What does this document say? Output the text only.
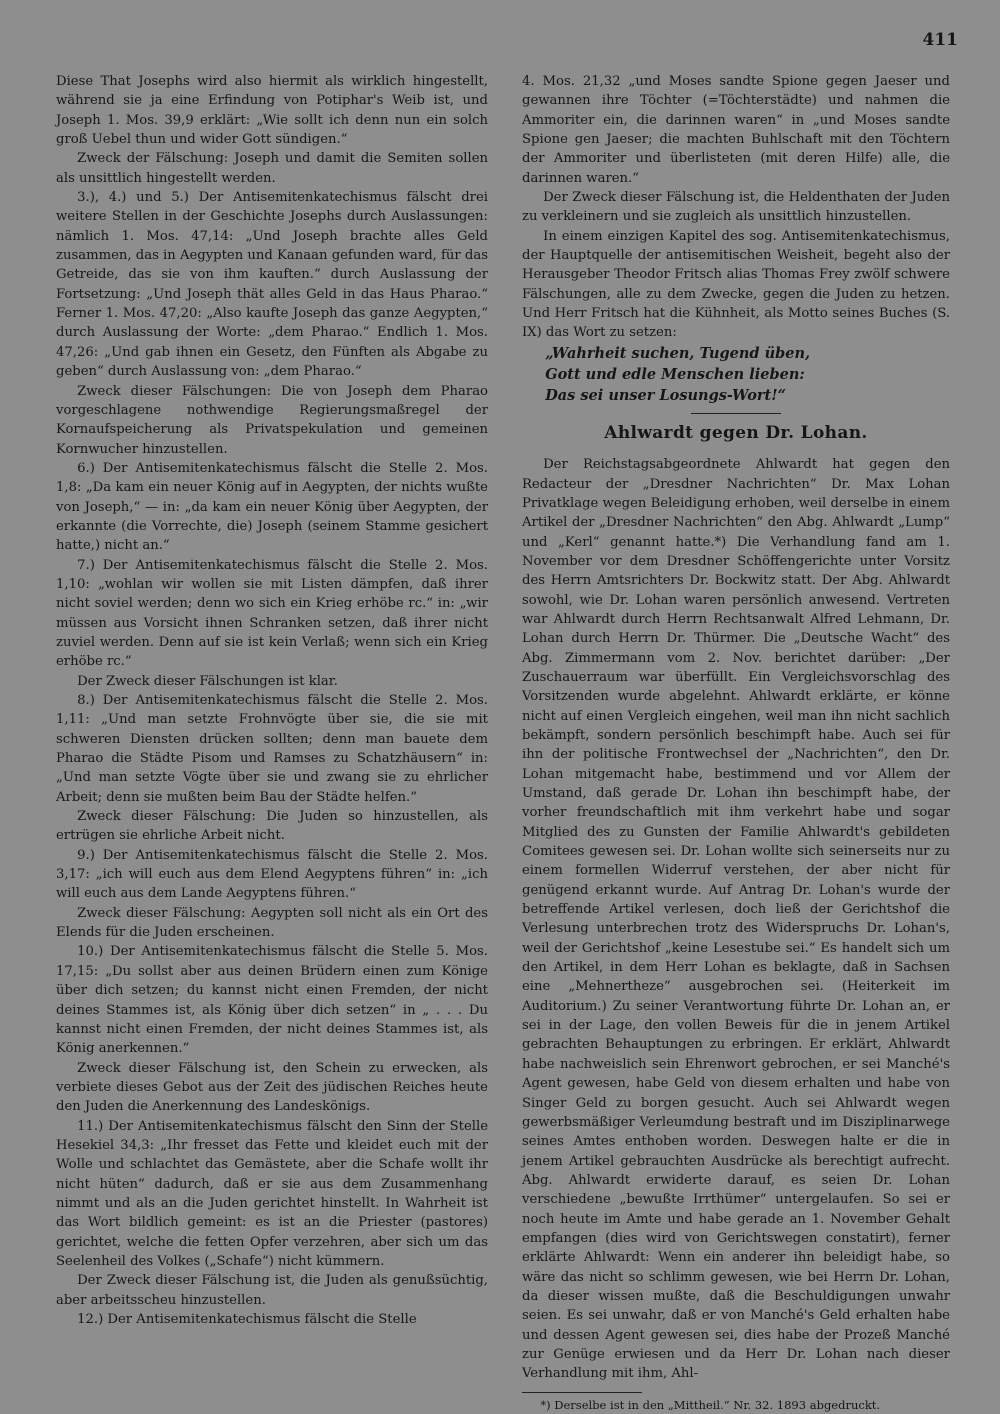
411

Diese That Josephs wird also hiermit als wirklich hingestellt, während sie ja eine Erfindung von Potiphar's Weib ist, und Joseph 1. Mos. 39,9 erklärt: „Wie sollt ich denn nun ein solch groß Uebel thun und wider Gott sündigen.“

Zweck der Fälschung: Joseph und damit die Semiten sollen als unsittlich hingestellt werden.

3.), 4.) und 5.) Der Antisemitenkatechismus fälscht drei weitere Stellen in der Geschichte Josephs durch Auslassungen: nämlich 1. Mos. 47,14: „Und Joseph brachte alles Geld zusammen, das in Aegypten und Kanaan gefunden ward, für das Getreide, das sie von ihm kauften.“ durch Auslassung der Fortsetzung: „Und Joseph thät alles Geld in das Haus Pharao.“ Ferner 1. Mos. 47,20: „Also kaufte Joseph das ganze Aegypten,“ durch Auslassung der Worte: „dem Pharao.“ Endlich 1. Mos. 47,26: „Und gab ihnen ein Gesetz, den Fünften als Abgabe zu geben“ durch Auslassung von: „dem Pharao.“

Zweck dieser Fälschungen: Die von Joseph dem Pharao vorgeschlagene nothwendige Regierungsmaßregel der Kornaufspeicherung als Privatspekulation und gemeinen Kornwucher hinzustellen.

6.) Der Antisemitenkatechismus fälscht die Stelle 2. Mos. 1,8: „Da kam ein neuer König auf in Aegypten, der nichts wußte von Joseph,“ — in: „da kam ein neuer König über Aegypten, der erkannte (die Vorrechte, die) Joseph (seinem Stamme gesichert hatte,) nicht an.“

7.) Der Antisemitenkatechismus fälscht die Stelle 2. Mos. 1,10: „wohlan wir wollen sie mit Listen dämpfen, daß ihrer nicht soviel werden; denn wo sich ein Krieg erhöbe rc.“ in: „wir müssen aus Vorsicht ihnen Schranken setzen, daß ihrer nicht zuviel werden. Denn auf sie ist kein Verlaß; wenn sich ein Krieg erhöbe rc.“

Der Zweck dieser Fälschungen ist klar.

8.) Der Antisemitenkatechismus fälscht die Stelle 2. Mos. 1,11: „Und man setzte Frohnvögte über sie, die sie mit schweren Diensten drücken sollten; denn man bauete dem Pharao die Städte Pisom und Ramses zu Schatzhäusern“ in: „Und man setzte Vögte über sie und zwang sie zu ehrlicher Arbeit; denn sie mußten beim Bau der Städte helfen.“

Zweck dieser Fälschung: Die Juden so hinzustellen, als ertrügen sie ehrliche Arbeit nicht.

9.) Der Antisemitenkatechismus fälscht die Stelle 2. Mos. 3,17: „ich will euch aus dem Elend Aegyptens führen“ in: „ich will euch aus dem Lande Aegyptens führen.“

Zweck dieser Fälschung: Aegypten soll nicht als ein Ort des Elends für die Juden erscheinen.

10.) Der Antisemitenkatechismus fälscht die Stelle 5. Mos. 17,15: „Du sollst aber aus deinen Brüdern einen zum Könige über dich setzen; du kannst nicht einen Fremden, der nicht deines Stammes ist, als König über dich setzen“ in „ . . . Du kannst nicht einen Fremden, der nicht deines Stammes ist, als König anerkennen.“

Zweck dieser Fälschung ist, den Schein zu erwecken, als verbiete dieses Gebot aus der Zeit des jüdischen Reiches heute den Juden die Anerkennung des Landeskönigs.

11.) Der Antisemitenkatechismus fälscht den Sinn der Stelle Hesekiel 34,3: „Ihr fresset das Fette und kleidet euch mit der Wolle und schlachtet das Gemästete, aber die Schafe wollt ihr nicht hüten“ dadurch, daß er sie aus dem Zusammenhang nimmt und als an die Juden gerichtet hinstellt. In Wahrheit ist das Wort bildlich gemeint: es ist an die Priester (pastores) gerichtet, welche die fetten Opfer verzehren, aber sich um das Seelenheil des Volkes („Schafe“) nicht kümmern.

Der Zweck dieser Fälschung ist, die Juden als genußsüchtig, aber arbeitsscheu hinzustellen.

12.) Der Antisemitenkatechismus fälscht die Stelle

4. Mos. 21,32 „und Moses sandte Spione gegen Jaeser und gewannen ihre Töchter (=Töchterstädte) und nahmen die Ammoriter ein, die darinnen waren“ in „und Moses sandte Spione gen Jaeser; die machten Buhlschaft mit den Töchtern der Ammoriter und überlisteten (mit deren Hilfe) alle, die darinnen waren.“

Der Zweck dieser Fälschung ist, die Heldenthaten der Juden zu verkleinern und sie zugleich als unsittlich hinzustellen.

In einem einzigen Kapitel des sog. Antisemitenkatechismus, der Hauptquelle der antisemitischen Weisheit, begeht also der Herausgeber Theodor Fritsch alias Thomas Frey zwölf schwere Fälschungen, alle zu dem Zwecke, gegen die Juden zu hetzen. Und Herr Fritsch hat die Kühnheit, als Motto seines Buches (S. IX) das Wort zu setzen:

„Wahrheit suchen, Tugend üben,

Gott und edle Menschen lieben:

Das sei unser Losungs-Wort!“

Ahlwardt gegen Dr. Lohan.

Der Reichstagsabgeordnete Ahlwardt hat gegen den Redacteur der „Dresdner Nachrichten“ Dr. Max Lohan Privatklage wegen Beleidigung erhoben, weil derselbe in einem Artikel der „Dresdner Nachrichten“ den Abg. Ahlwardt „Lump“ und „Kerl“ genannt hatte.*) Die Verhandlung fand am 1. November vor dem Dresdner Schöffengerichte unter Vorsitz des Herrn Amtsrichters Dr. Bockwitz statt. Der Abg. Ahlwardt sowohl, wie Dr. Lohan waren persönlich anwesend. Vertreten war Ahlwardt durch Herrn Rechtsanwalt Alfred Lehmann, Dr. Lohan durch Herrn Dr. Thürmer. Die „Deutsche Wacht“ des Abg. Zimmermann vom 2. Nov. berichtet darüber: „Der Zuschauerraum war überfüllt. Ein Vergleichsvorschlag des Vorsitzenden wurde abgelehnt. Ahlwardt erklärte, er könne nicht auf einen Vergleich eingehen, weil man ihn nicht sachlich bekämpft, sondern persönlich beschimpft habe. Auch sei für ihn der politische Frontwechsel der „Nachrichten“, den Dr. Lohan mitgemacht habe, bestimmend und vor Allem der Umstand, daß gerade Dr. Lohan ihn beschimpft habe, der vorher freundschaftlich mit ihm verkehrt habe und sogar Mitglied des zu Gunsten der Familie Ahlwardt's gebildeten Comitees gewesen sei. Dr. Lohan wollte sich seinerseits nur zu einem formellen Widerruf verstehen, der aber nicht für genügend erkannt wurde. Auf Antrag Dr. Lohan's wurde der betreffende Artikel verlesen, doch ließ der Gerichtshof die Verlesung unterbrechen trotz des Widerspruchs Dr. Lohan's, weil der Gerichtshof „keine Lesestube sei.“ Es handelt sich um den Artikel, in dem Herr Lohan es beklagte, daß in Sachsen eine „Mehnertheze“ ausgebrochen sei. (Heiterkeit im Auditorium.) Zu seiner Verantwortung führte Dr. Lohan an, er sei in der Lage, den vollen Beweis für die in jenem Artikel gebrachten Behauptungen zu erbringen. Er erklärt, Ahlwardt habe nachweislich sein Ehrenwort gebrochen, er sei Manché's Agent gewesen, habe Geld von diesem erhalten und habe von Singer Geld zu borgen gesucht. Auch sei Ahlwardt wegen gewerbsmäßiger Verleumdung bestraft und im Disziplinarwege seines Amtes enthoben worden. Deswegen halte er die in jenem Artikel gebrauchten Ausdrücke als berechtigt aufrecht. Abg. Ahlwardt erwiderte darauf, es seien Dr. Lohan verschiedene „bewußte Irrthümer“ untergelaufen. So sei er noch heute im Amte und habe gerade an 1. November Gehalt empfangen (dies wird von Gerichtswegen constatirt), ferner erklärte Ahlwardt: Wenn ein anderer ihn beleidigt habe, so wäre das nicht so schlimm gewesen, wie bei Herrn Dr. Lohan, da dieser wissen mußte, daß die Beschuldigungen unwahr seien. Es sei unwahr, daß er von Manché's Geld erhalten habe und dessen Agent gewesen sei, dies habe der Prozeß Manché zur Genüge erwiesen und da Herr Dr. Lohan nach dieser Verhandlung mit ihm, Ahl-

*) Derselbe ist in den „Mittheil.“ Nr. 32. 1893 abgedruckt.
